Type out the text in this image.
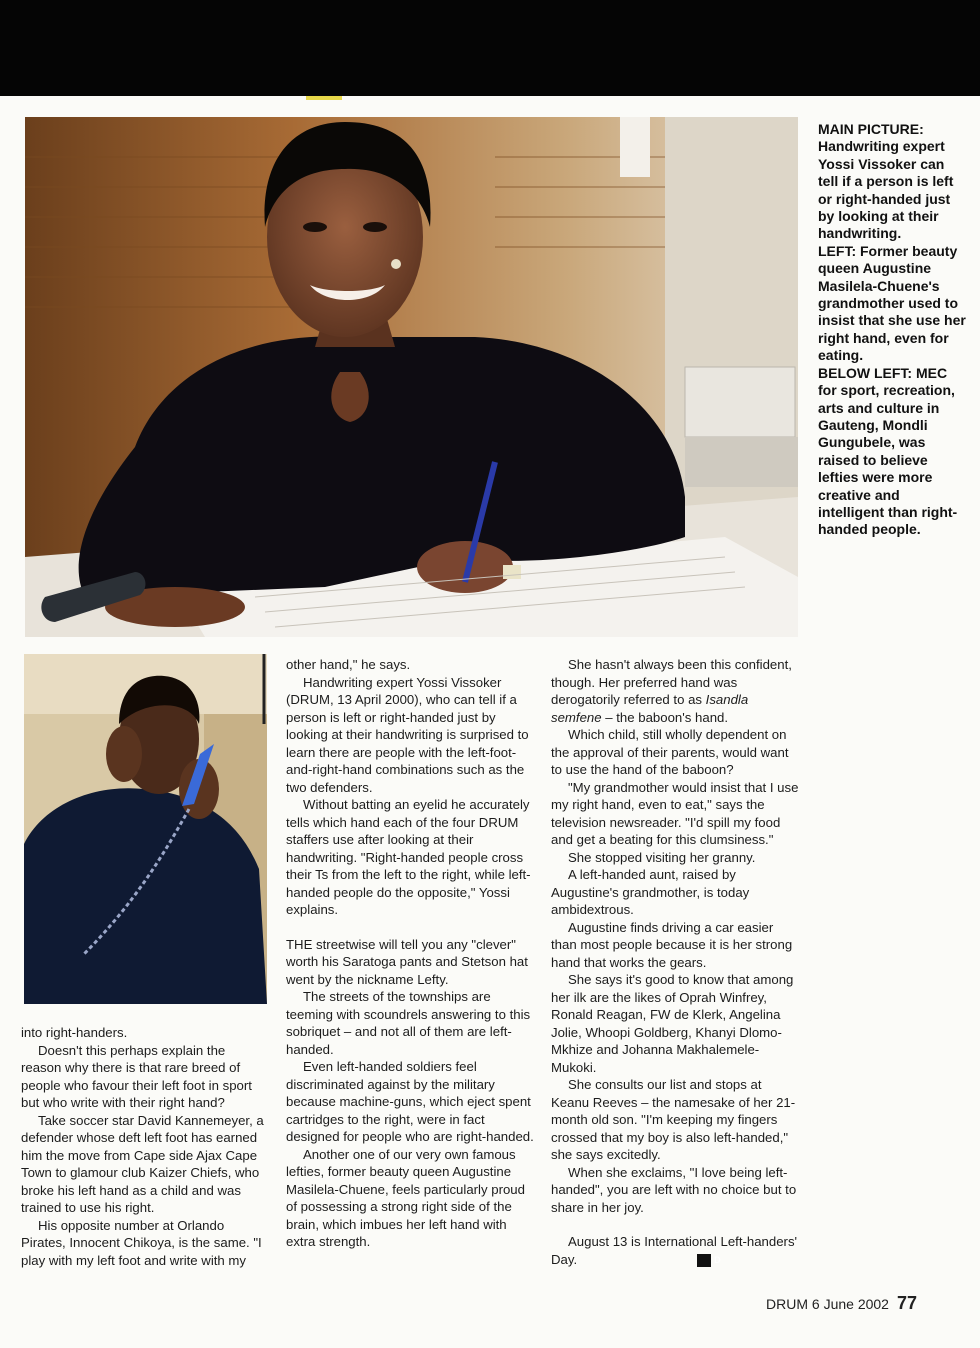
MAIN PICTURE: Handwriting expert Yossi Vissoker can tell if a person is left or right-handed just by looking at their handwriting.

LEFT: Former beauty queen Augustine Masilela-Chuene's grandmother used to insist that she use her right hand, even for eating.

BELOW LEFT: MEC for sport, recreation, arts and culture in Gauteng, Mondli Gungubele, was raised to believe lefties were more creative and intelligent than right-handed people.

into right-handers.

Doesn't this perhaps explain the reason why there is that rare breed of people who favour their left foot in sport but who write with their right hand?

Take soccer star David Kannemeyer, a defender whose deft left foot has earned him the move from Cape side Ajax Cape Town to glamour club Kaizer Chiefs, who broke his left hand as a child and was trained to use his right.

His opposite number at Orlando Pirates, Innocent Chikoya, is the same. "I play with my left foot and write with my

other hand," he says.

Handwriting expert Yossi Vissoker (DRUM, 13 April 2000), who can tell if a person is left or right-handed just by looking at their handwriting is surprised to learn there are people with the left-foot-and-right-hand combinations such as the two defenders.

Without batting an eyelid he accurately tells which hand each of the four DRUM staffers use after looking at their handwriting. "Right-handed people cross their Ts from the left to the right, while left-handed people do the opposite," Yossi explains.

THE streetwise will tell you any "clever" worth his Saratoga pants and Stetson hat went by the nickname Lefty.

The streets of the townships are teeming with scoundrels answering to this sobriquet – and not all of them are left-handed.

Even left-handed soldiers feel discriminated against by the military because machine-guns, which eject spent cartridges to the right, were in fact designed for people who are right-handed.

Another one of our very own famous lefties, former beauty queen Augustine Masilela-Chuene, feels particularly proud of possessing a strong right side of the brain, which imbues her left hand with extra strength.

She hasn't always been this confident, though. Her preferred hand was derogatorily referred to as Isandla semfene – the baboon's hand.

Which child, still wholly dependent on the approval of their parents, would want to use the hand of the baboon?

"My grandmother would insist that I use my right hand, even to eat," says the television newsreader. "I'd spill my food and get a beating for this clumsiness."

She stopped visiting her granny.

A left-handed aunt, raised by Augustine's grandmother, is today ambidextrous.

Augustine finds driving a car easier than most people because it is her strong hand that works the gears.

She says it's good to know that among her ilk are the likes of Oprah Winfrey, Ronald Reagan, FW de Klerk, Angelina Jolie, Whoopi Goldberg, Khanyi Dlomo-Mkhize and Johanna Makhalemele-Mukoki.

She consults our list and stops at Keanu Reeves – the namesake of her 21-month old son. "I'm keeping my fingers crossed that my boy is also left-handed," she says excitedly.

When she exclaims, "I love being left-handed", you are left with no choice but to share in her joy.

August 13 is International Left-handers' Day.	D

DRUM 6 June 2002 77
